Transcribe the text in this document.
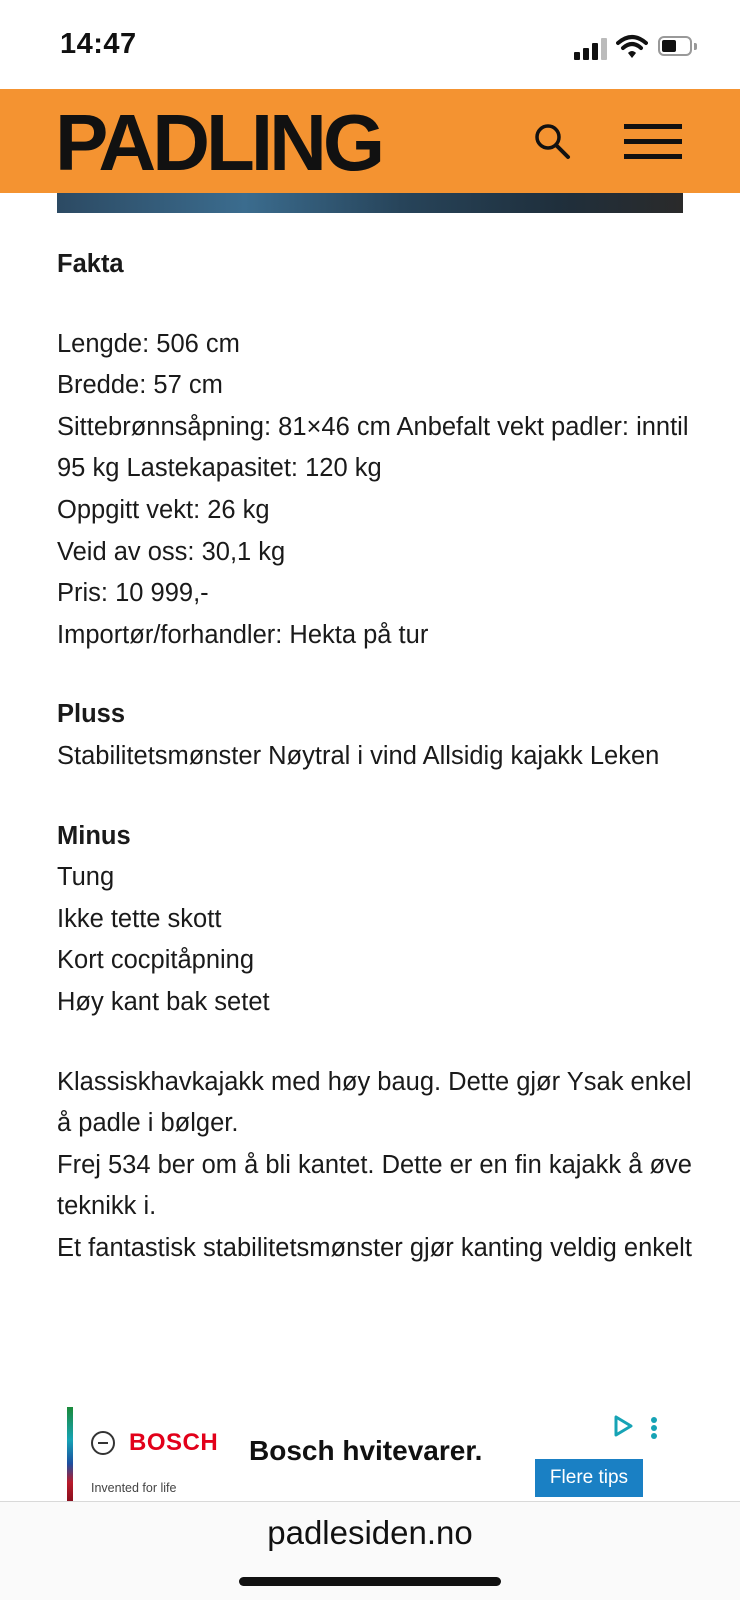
14:47
PADLING

Fakta

Lengde: 506 cm

Bredde: 57 cm

Sittebrønnsåpning: 81×46 cm Anbefalt vekt padler: inntil 95 kg Lastekapasitet: 120 kg

Oppgitt vekt: 26 kg

Veid av oss: 30,1 kg

Pris: 10 999,-

Importør/forhandler: Hekta på tur

Pluss

Stabilitetsmønster Nøytral i vind Allsidig kajakk Leken

Minus

Tung

Ikke tette skott

Kort cocpitåpning

Høy kant bak setet

Klassiskhavkajakk med høy baug. Dette gjør Ysak enkel å padle i bølger.

Frej 534 ber om å bli kantet. Dette er en fin kajakk å øve teknikk i.

Et fantastisk stabilitetsmønster gjør kanting veldig enkelt

BOSCH
Invented for life
Bosch hvitevarer.
Flere tips
padlesiden.no
